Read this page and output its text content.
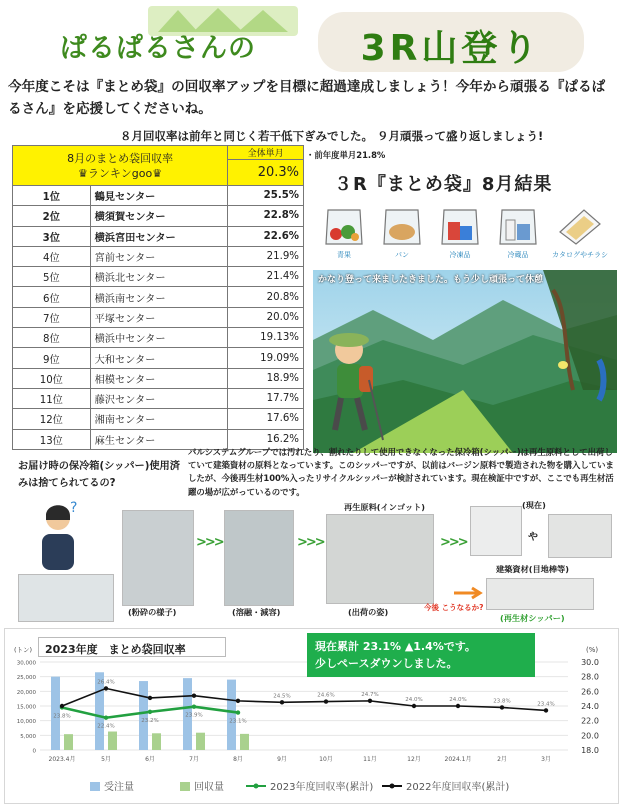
ぱるぱるさんの	3R山登り
今年度こそは『まとめ袋』の回収率アップを目標に超過達成しましょう！今年から頑張る『ぱるぱるさん』を応援してくださいね。
８月回収率は前年と同じく若干低下ぎみでした。 ９月頑張って盛り返しましょう!
8月のまとめ袋回収率
♛ランキンgoo♛		全体単月
		20.3%
1位	鶴見センター	25.5%
2位	横須賀センター	22.8%
3位	横浜宮田センター	22.6%
4位	宮前センター	21.9%
5位	横浜北センター	21.4%
6位	横浜南センター	20.8%
7位	平塚センター	20.0%
8位	横浜中センター	19.13%
9位	大和センター	19.09%
10位	相模センター	18.9%
11位	藤沢センター	17.7%
12位	湘南センター	17.6%
13位	麻生センター	16.2%
・前年度単月21.8%
３R『まとめ袋』8月結果
青果	パン	冷凍品	冷蔵品	カタログやチラシ
かなり登って来ましたきました。もう少し頑張って休憩
お届け時の保冷箱(シッパー)使用済みは捨てられてるの?
パルシステムグループでは汚れたり、割れたりして使用できなくなった保冷箱(シッパー)は再生原料として出荷していて建築資材の原料となっています。このシッパーですが、以前はバージン原料で製造された物を購入していましたが、今後再生材100%入ったリサイクルシッパーが検討されています。現在検証中ですが、ここでも再生材活躍の場が広がっているのです。
?
(粉砕の様子)
>>>
(溶融・減容)
>>>
再生原料(インゴット)
(出荷の姿)
>>>
(現在)
や
建築資材(目地棒等)
今後 こうなるか?
(再生材シッパー)
0
5,000
10,000
15,000
20,000
25,000
30,000
18.0
20.0
22.0
24.0
26.0
28.0
30.0
(トン)	(%)
2023.4月	5月	6月	7月	8月	9月	10月	11月	12月	2024.1月	2月	3月
23.8%
22.4%
23.2%
23.9%
23.1%
26.4%
24.5%	24.6%	24.7%
24.0%	24.0%	23.8%	23.4%
受注量	回収量	2023年度回収率(累計)	2022年度回収率(累計)
2023年度　まとめ袋回収率	現在累計 23.1% ▲1.4%です。
少しペースダウンしました。
